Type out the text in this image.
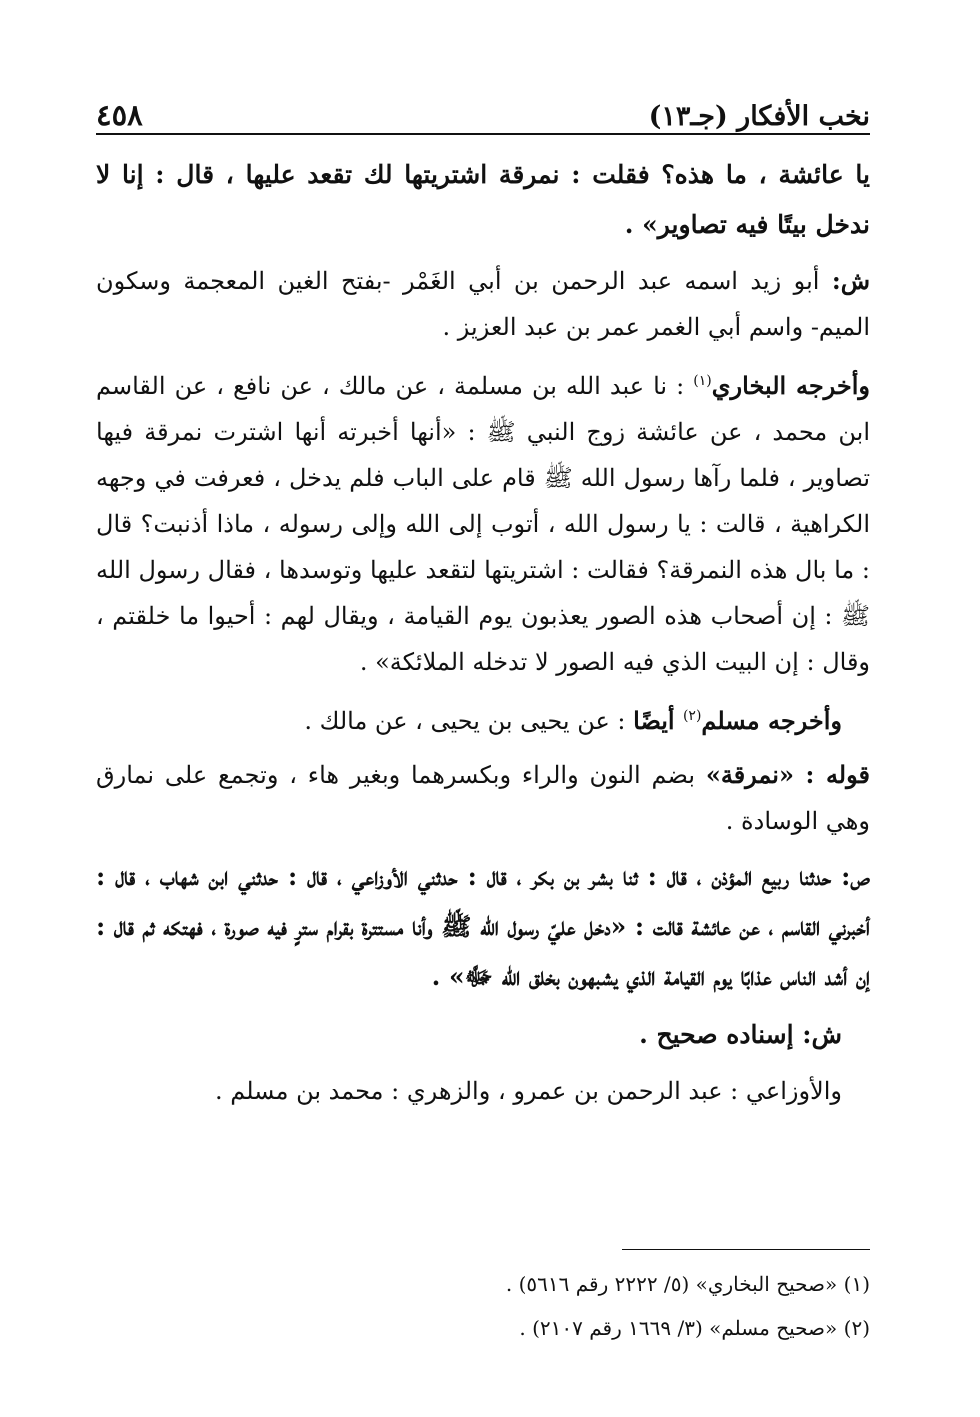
نخب الأفكار (جـ١٣)
٤٥٨

يا عائشة ، ما هذه؟ فقلت : نمرقة اشتريتها لك تقعد عليها ، قال : إنا لا ندخل بيتًا فيه تصاوير» .

ش: أبو زيد اسمه عبد الرحمن بن أبي الغَمْر -بفتح الغين المعجمة وسكون الميم- واسم أبي الغمر عمر بن عبد العزيز .

وأخرجه البخاري$^{(١)}$ : نا عبد الله بن مسلمة ، عن مالك ، عن نافع ، عن القاسم ابن محمد ، عن عائشة زوج النبي ﷺ : «أنها أخبرته أنها اشترت نمرقة فيها تصاوير ، فلما رآها رسول الله ﷺ قام على الباب فلم يدخل ، فعرفت في وجهه الكراهية ، قالت : يا رسول الله ، أتوب إلى الله وإلى رسوله ، ماذا أذنبت؟ قال : ما بال هذه النمرقة؟ فقالت : اشتريتها لتقعد عليها وتوسدها ، فقال رسول الله ﷺ : إن أصحاب هذه الصور يعذبون يوم القيامة ، ويقال لهم : أحيوا ما خلقتم ، وقال : إن البيت الذي فيه الصور لا تدخله الملائكة» .

وأخرجه مسلم$^{(٢)}$ أيضًا : عن يحيى بن يحيى ، عن مالك .

قوله : «نمرقة» بضم النون والراء وبكسرهما وبغير هاء ، وتجمع على نمارق وهي الوسادة .

ص: حدثنا ربيع المؤذن ، قال : ثنا بشر بن بكر ، قال : حدثني الأوزاعي ، قال : حدثني ابن شهاب ، قال : أخبرني القاسم ، عن عائشة قالت : «دخل عليّ رسول الله ﷺ وأنا مستترة بقرام سترٍ فيه صورة ، فهتكه ثم قال : إن أشد الناس عذابًا يوم القيامة الذي يشبهون بخلق الله ﷻ» .

ش: إسناده صحيح .

والأوزاعي : عبد الرحمن بن عمرو ، والزهري : محمد بن مسلم .

(١) «صحيح البخاري» (٥/ ٢٢٢٢ رقم ٥٦١٦) .
(٢) «صحيح مسلم» (٣/ ١٦٦٩ رقم ٢١٠٧) .
